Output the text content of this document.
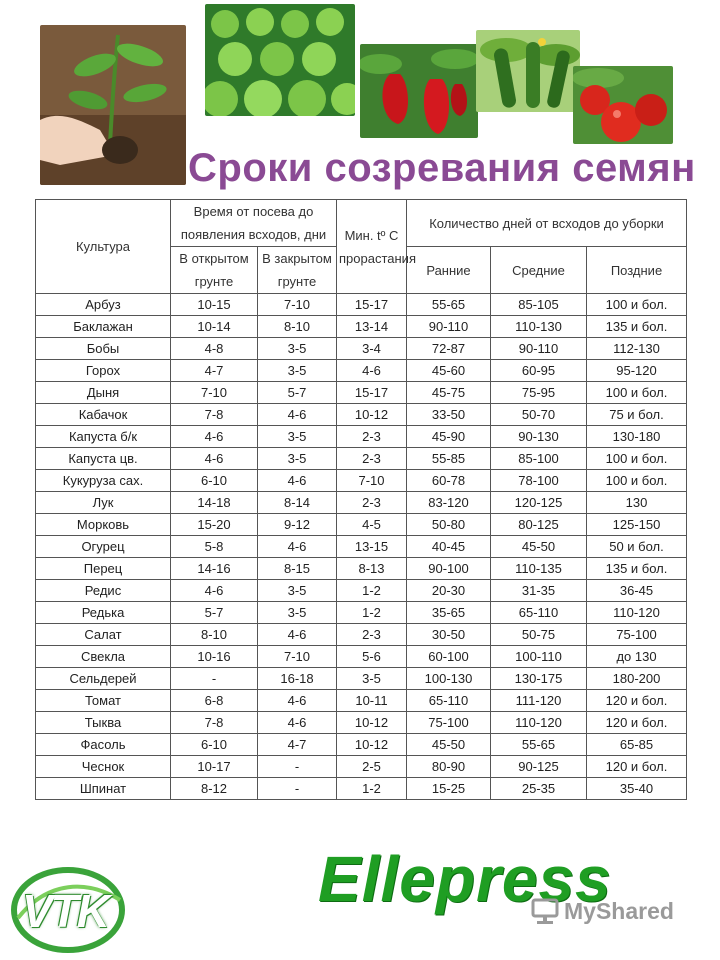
Сроки созревания семян
Культура	Время от посева до появления всходов, дни		Мин. tº С прорастания	Количество дней от всходов до уборки		
	В открытом грунте	В закрытом грунте		Ранние	Средние	Поздние
Арбуз	10-15	7-10	15-17	55-65	85-105	100 и бол.
Баклажан	10-14	8-10	13-14	90-110	110-130	135 и бол.
Бобы	4-8	3-5	3-4	72-87	90-110	112-130
Горох	4-7	3-5	4-6	45-60	60-95	95-120
Дыня	7-10	5-7	15-17	45-75	75-95	100 и бол.
Кабачок	7-8	4-6	10-12	33-50	50-70	75 и бол.
Капуста б/к	4-6	3-5	2-3	45-90	90-130	130-180
Капуста цв.	4-6	3-5	2-3	55-85	85-100	100 и бол.
Кукуруза сах.	6-10	4-6	7-10	60-78	78-100	100 и бол.
Лук	14-18	8-14	2-3	83-120	120-125	130
Морковь	15-20	9-12	4-5	50-80	80-125	125-150
Огурец	5-8	4-6	13-15	40-45	45-50	50 и бол.
Перец	14-16	8-15	8-13	90-100	110-135	135 и бол.
Редис	4-6	3-5	1-2	20-30	31-35	36-45
Редька	5-7	3-5	1-2	35-65	65-110	110-120
Салат	8-10	4-6	2-3	30-50	50-75	75-100
Свекла	10-16	7-10	5-6	60-100	100-110	до 130
Сельдерей	-	16-18	3-5	100-130	130-175	180-200
Томат	6-8	4-6	10-11	65-110	111-120	120 и бол.
Тыква	7-8	4-6	10-12	75-100	110-120	120 и бол.
Фасоль	6-10	4-7	10-12	45-50	55-65	65-85
Чеснок	10-17	-	2-5	80-90	90-125	120 и бол.
Шпинат	8-12	-	1-2	15-25	25-35	35-40
VTK	Ellepress
MyShared
